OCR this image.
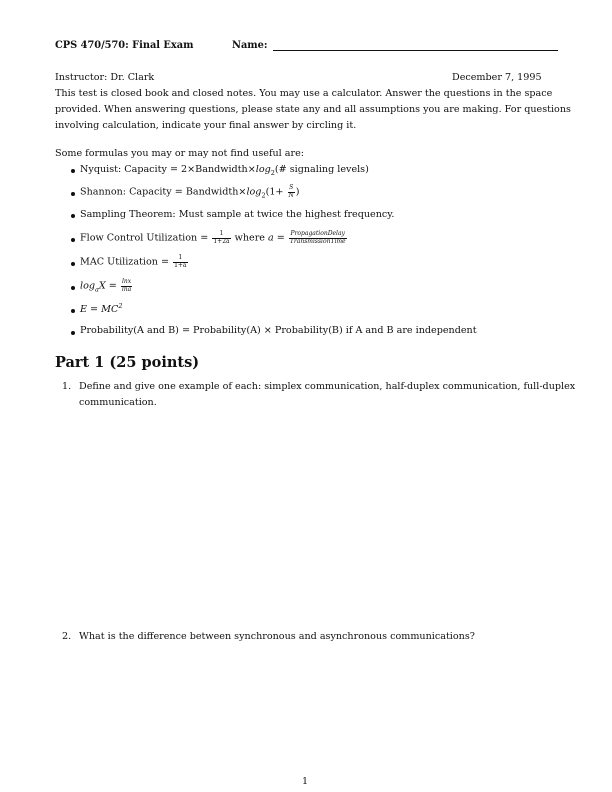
CPS 470/570: Final Exam	Name:
Instructor: Dr. Clark	December 7, 1995
This test is closed book and closed notes. You may use a calculator. Answer the questions in the space
provided. When answering questions, please state any and all assumptions you are making. For questions
involving calculation, indicate your final answer by circling it.
Some formulas you may or may not find useful are:
Nyquist: Capacity = $2\times Bandwidth\times\log_2(\#$ signaling levels)
Shannon: Capacity = $Bandwidth\times\log_2(1+ \frac{S}{N}$ )
Sampling Theorem: Must sample at twice the highest frequency.
Flow Control Utilization = $\frac{1}{1+2a}$ where $a = \frac{\text{PropagationDelay}}{\text{TransmissionTime}}$
MAC Utilization = $\frac{1}{1+a}$
$\log_aX = \frac{\ln x}{\ln a}$
$E = MC^2$
Probability(A and B) = Probability(A) × Probability(B) if A and B are independent
Part 1 (25 points)
1. Define and give one example of each: simplex communication, half-duplex communication, full-duplex
communication.
2. What is the difference between synchronous and asynchronous communications?
1
